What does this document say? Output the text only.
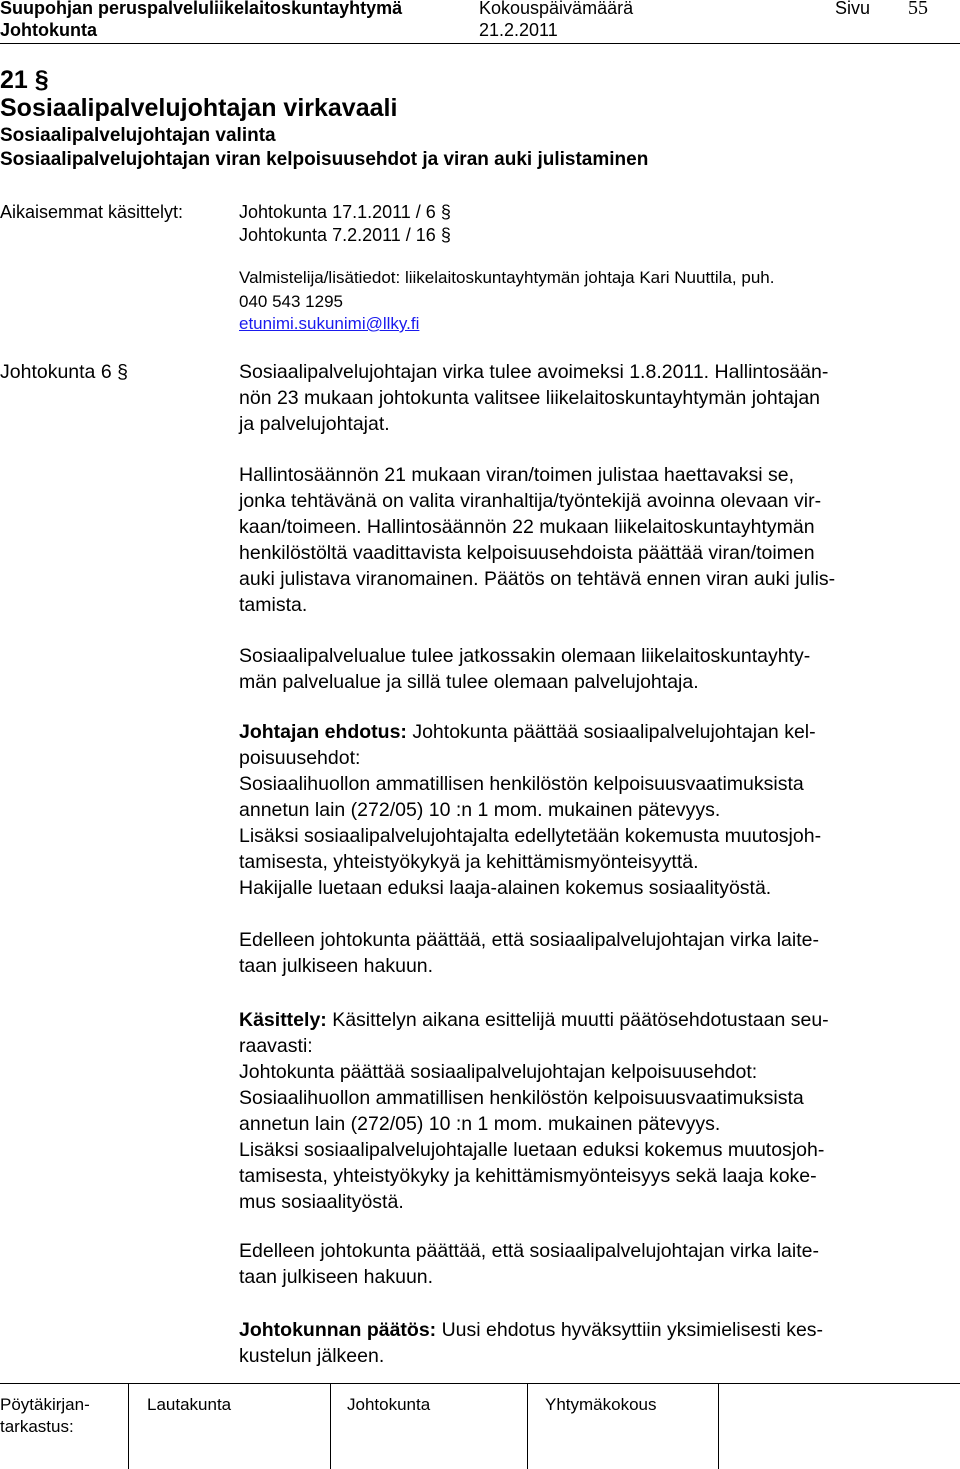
Suupohjan peruspalveluliikelaitoskuntayhtymä
Johtokunta
Kokouspäivämäärä
21.2.2011
Sivu 55
21 §
Sosiaalipalvelujohtajan virkavaali
Sosiaalipalvelujohtajan valinta
Sosiaalipalvelujohtajan viran kelpoisuusehdot ja viran auki julistaminen
Aikaisemmat käsittelyt:	Johtokunta 17.1.2011 / 6 §
Johtokunta 7.2.2011 / 16 §
Valmistelija/lisätiedot: liikelaitoskuntayhtymän johtaja Kari Nuuttila, puh.
040 543 1295
etunimi.sukunimi@llky.fi
Johtokunta 6 §	Sosiaalipalvelujohtajan virka tulee avoimeksi 1.8.2011. Hallintosään-
nön 23 mukaan johtokunta valitsee liikelaitoskuntayhtymän johtajan
ja palvelujohtajat.
Hallintosäännön 21 mukaan viran/toimen julistaa haettavaksi se,
jonka tehtävänä on valita viranhaltija/työntekijä avoinna olevaan vir-
kaan/toimeen. Hallintosäännön 22 mukaan liikelaitoskuntayhtymän
henkilöstöltä vaadittavista kelpoisuusehdoista päättää viran/toimen
auki julistava viranomainen. Päätös on tehtävä ennen viran auki julis-
tamista.
Sosiaalipalvelualue tulee jatkossakin olemaan liikelaitoskuntayhty-
män palvelualue ja sillä tulee olemaan palvelujohtaja.
Johtajan ehdotus: Johtokunta päättää sosiaalipalvelujohtajan kel-
poisuusehdot:
Sosiaalihuollon ammatillisen henkilöstön kelpoisuusvaatimuksista
annetun lain (272/05) 10 :n 1 mom. mukainen pätevyys.
Lisäksi sosiaalipalvelujohtajalta edellytetään kokemusta muutosjoh-
tamisesta, yhteistyökykyä ja kehittämismyönteisyyttä.
Hakijalle luetaan eduksi laaja-alainen kokemus sosiaalityöstä.
Edelleen johtokunta päättää, että sosiaalipalvelujohtajan virka laite-
taan julkiseen hakuun.
Käsittely: Käsittelyn aikana esittelijä muutti päätösehdotustaan seu-
raavasti:
Johtokunta päättää sosiaalipalvelujohtajan kelpoisuusehdot:
Sosiaalihuollon ammatillisen henkilöstön kelpoisuusvaatimuksista
annetun lain (272/05) 10 :n 1 mom. mukainen pätevyys.
Lisäksi sosiaalipalvelujohtajalle luetaan eduksi kokemus muutosjoh-
tamisesta, yhteistyökyky ja kehittämismyönteisyys sekä laaja koke-
mus sosiaalityöstä.
Edelleen johtokunta päättää, että sosiaalipalvelujohtajan virka laite-
taan julkiseen hakuun.
Johtokunnan päätös: Uusi ehdotus hyväksyttiin yksimielisesti kes-
kustelun jälkeen.
Pöytäkirjan-
tarkastus:
Lautakunta	Johtokunta	Yhtymäkokous
